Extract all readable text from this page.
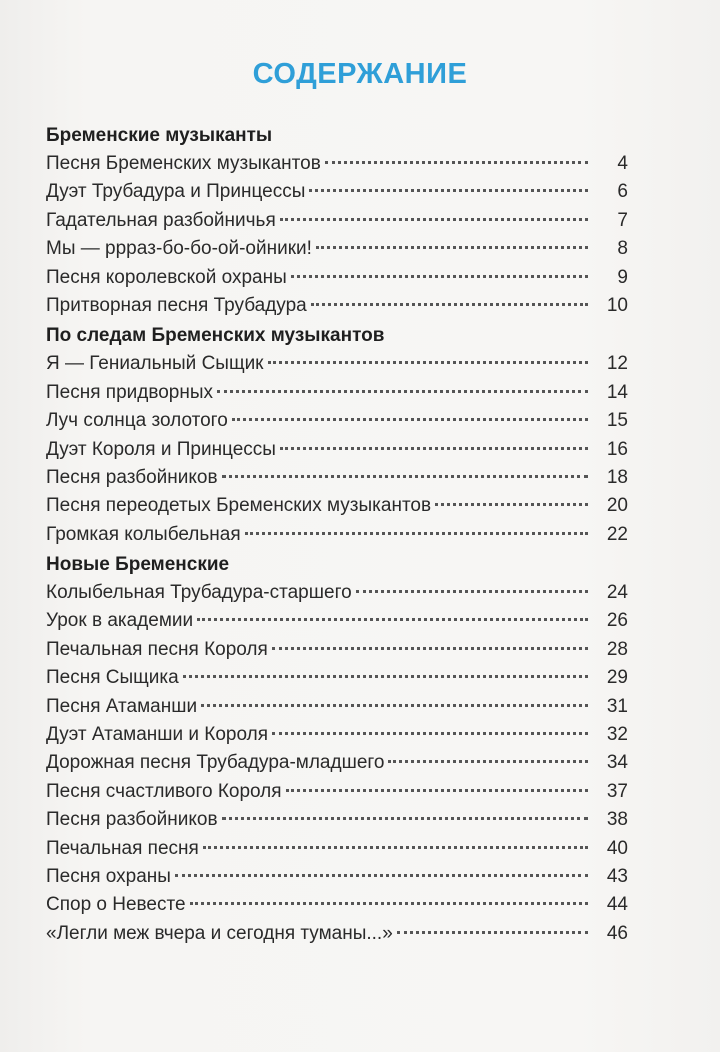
СОДЕРЖАНИЕ
Бременские музыканты
Песня Бременских музыкантов	4
Дуэт Трубадура и Принцессы	6
Гадательная разбойничья	7
Мы — рррaз-бо-бо-ой-ойники!	8
Песня королевской охраны	9
Притворная песня Трубадура	10
По следам Бременских музыкантов
Я — Гениальный Сыщик	12
Песня придворных	14
Луч солнца золотого	15
Дуэт Короля и Принцессы	16
Песня разбойников	18
Песня переодетых Бременских музыкантов	20
Громкая колыбельная	22
Новые Бременские
Колыбельная Трубадура-старшего	24
Урок в академии	26
Печальная песня Короля	28
Песня Сыщика	29
Песня Атаманши	31
Дуэт Атаманши и Короля	32
Дорожная песня Трубадура-младшего	34
Песня счастливого Короля	37
Песня разбойников	38
Печальная песня	40
Песня охраны	43
Спор о Невесте	44
«Легли меж вчера и сегодня туманы...»	46
